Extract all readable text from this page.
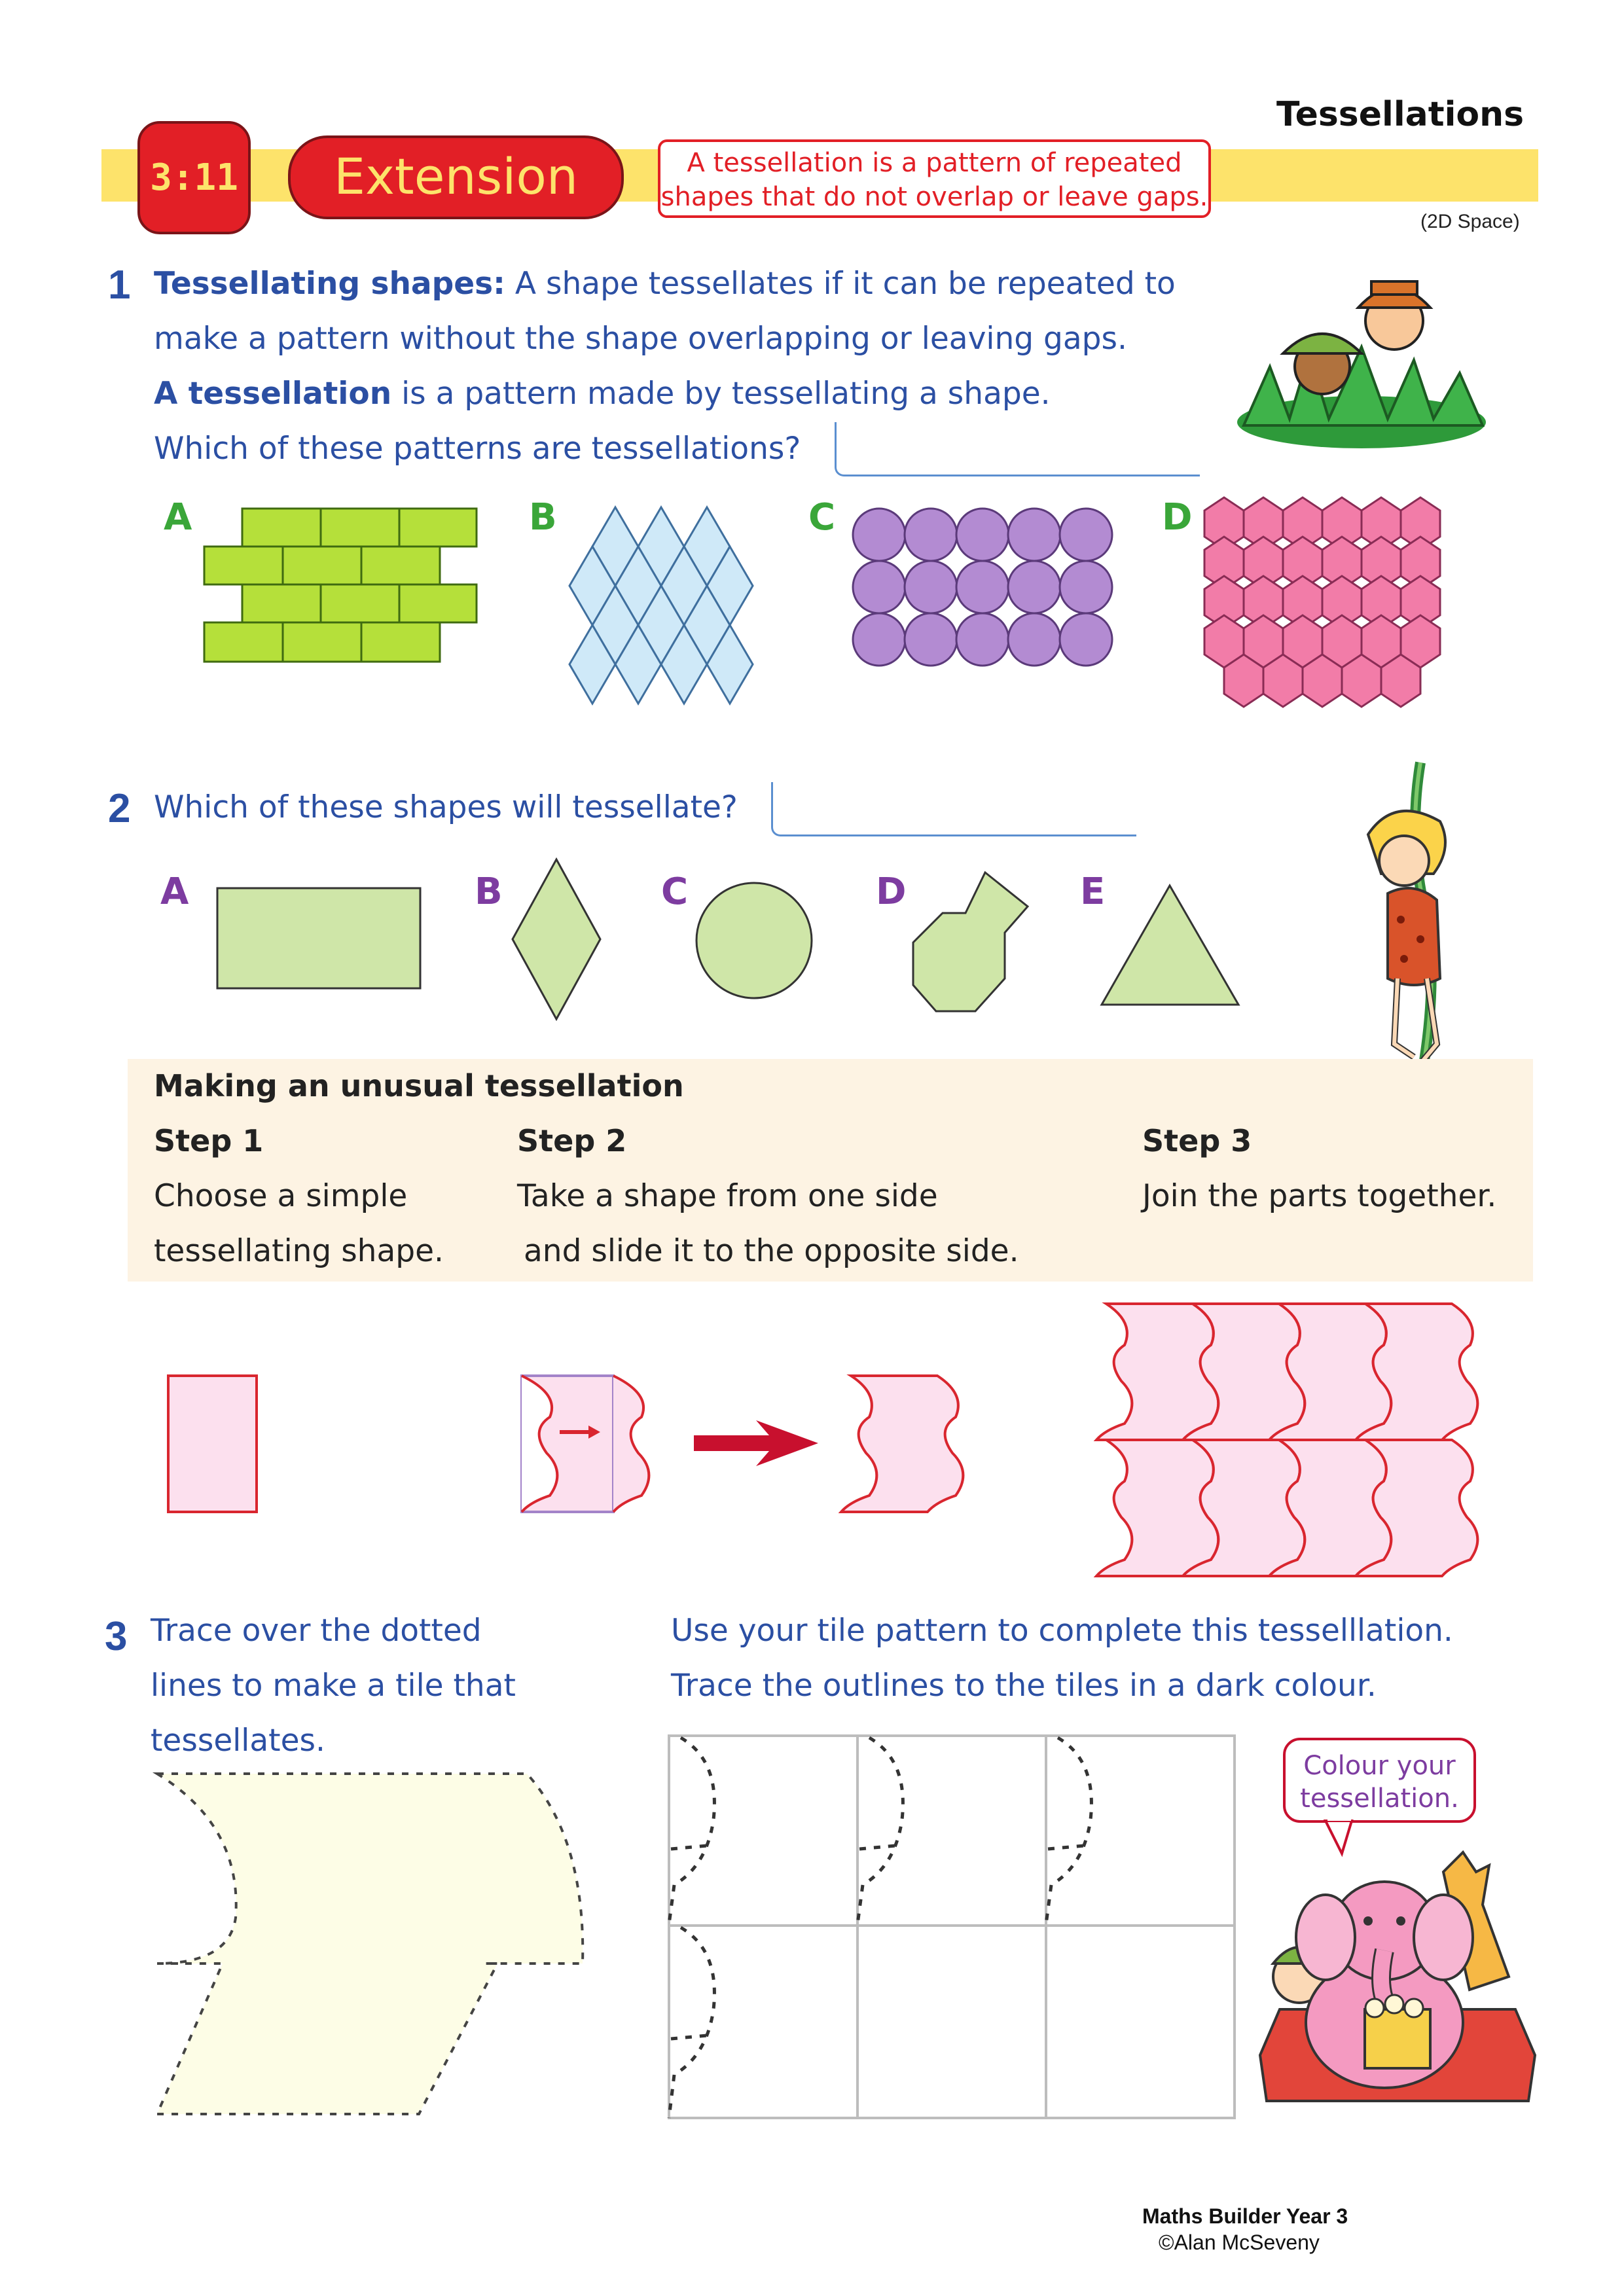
Tessellations
3:11	Extension	A tessellation is a pattern of repeated
shapes that do not overlap or leave gaps.
(2D Space)
1 Tessellating shapes: A shape tessellates if it can be repeated to
make a pattern without the shape overlapping or leaving gaps.
A tessellation is a pattern made by tessellating a shape.
Which of these patterns are tessellations?
A	B	C	D
2 Which of these shapes will tessellate?
A	B	C	D	E
Making an unusual tessellation
Step 1	Step 2	Step 3
Choose a simple
tessellating shape.
Take a shape from one side
and slide it to the opposite side.
Join the parts together.
3 Trace over the dotted
lines to make a tile that
tessellates.
Use your tile pattern to complete this tesselllation.
Trace the outlines to the tiles in a dark colour.
Colour your
tessellation.
Maths Builder Year 3
©Alan McSeveny
